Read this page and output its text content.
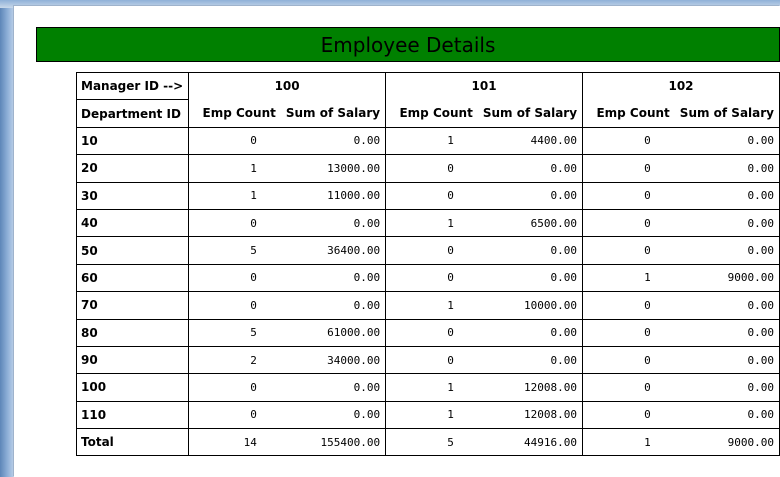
Employee Details
Manager ID -->	100		101		102	
Department ID	Emp Count	Sum of Salary	Emp Count	Sum of Salary	Emp Count	Sum of Salary
10	0	0.00	1	4400.00	0	0.00
20	1	13000.00	0	0.00	0	0.00
30	1	11000.00	0	0.00	0	0.00
40	0	0.00	1	6500.00	0	0.00
50	5	36400.00	0	0.00	0	0.00
60	0	0.00	0	0.00	1	9000.00
70	0	0.00	1	10000.00	0	0.00
80	5	61000.00	0	0.00	0	0.00
90	2	34000.00	0	0.00	0	0.00
100	0	0.00	1	12008.00	0	0.00
110	0	0.00	1	12008.00	0	0.00
Total	14	155400.00	5	44916.00	1	9000.00
